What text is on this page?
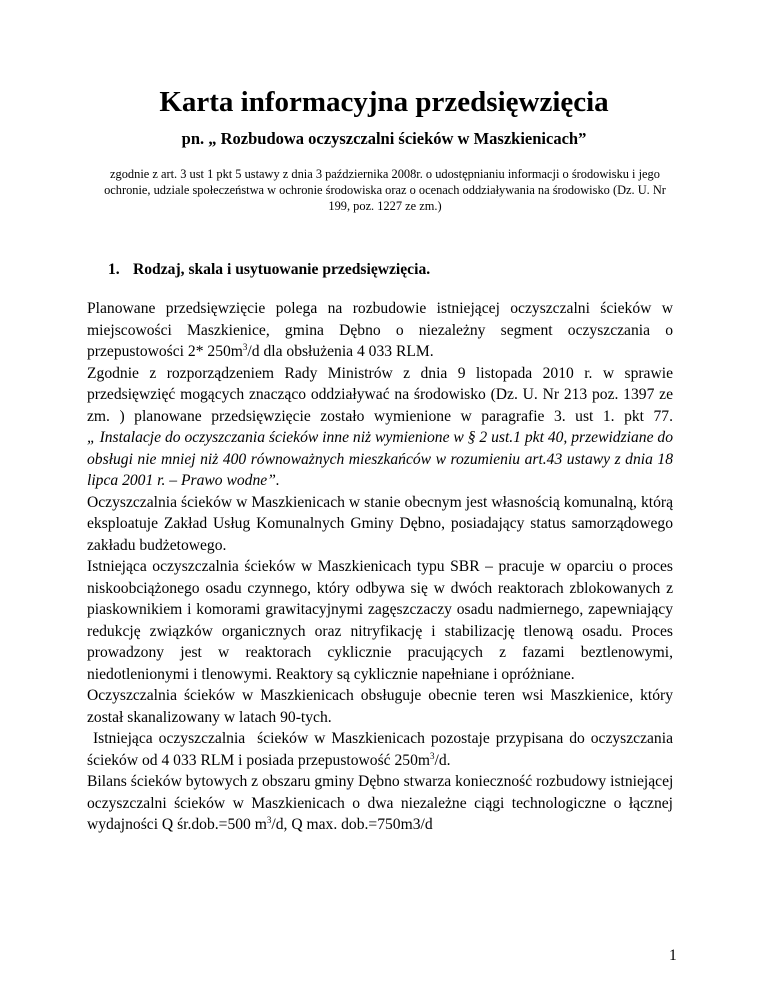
Karta informacyjna przedsięwzięcia
pn. „ Rozbudowa oczyszczalni ścieków w Maszkienicach”
zgodnie z art. 3 ust 1 pkt 5 ustawy z dnia 3 października 2008r. o udostępnianiu informacji o środowisku i jego
ochronie, udziale społeczeństwa w ochronie środowiska oraz o ocenach oddziaływania na środowisko (Dz. U. Nr
199, poz. 1227 ze zm.)
1. Rodzaj, skala i usytuowanie przedsięwzięcia.
Planowane przedsięwzięcie polega na rozbudowie istniejącej oczyszczalni ścieków w
miejscowości Maszkienice, gmina Dębno o niezależny segment oczyszczania o
przepustowości 2* $250m^3/d$ dla obsłużenia 4 033 RLM.
Zgodnie z rozporządzeniem Rady Ministrów z dnia 9 listopada 2010 r. w sprawie
przedsięwzięć mogących znacząco oddziaływać na środowisko (Dz. U. Nr 213 poz. 1397 ze
zm. ) planowane przedsięwzięcie zostało wymienione w paragrafie 3. ust 1. pkt 77.
„ Instalacje do oczyszczania ścieków inne niż wymienione w § 2 ust.1 pkt 40, przewidziane do
obsługi nie mniej niż 400 równoważnych mieszkańców w rozumieniu art.43 ustawy z dnia 18
lipca 2001 r. – Prawo wodne”.
Oczyszczalnia ścieków w Maszkienicach w stanie obecnym jest własnością komunalną, którą
eksploatuje Zakład Usług Komunalnych Gminy Dębno, posiadający status samorządowego
zakładu budżetowego.
Istniejąca oczyszczalnia ścieków w Maszkienicach typu SBR – pracuje w oparciu o proces
niskoobciążonego osadu czynnego, który odbywa się w dwóch reaktorach zblokowanych z
piaskownikiem i komorami grawitacyjnymi zagęszczaczy osadu nadmiernego, zapewniający
redukcję związków organicznych oraz nitryfikację i stabilizację tlenową osadu. Proces
prowadzony jest w reaktorach cyklicznie pracujących z fazami beztlenowymi,
niedotlenionymi i tlenowymi. Reaktory są cyklicznie napełniane i opróżniane.
Oczyszczalnia ścieków w Maszkienicach obsługuje obecnie teren wsi Maszkienice, który
został skanalizowany w latach 90-tych.
Istniejąca oczyszczalnia  ścieków w Maszkienicach pozostaje przypisana do oczyszczania
ścieków od 4 033 RLM i posiada przepustowość $250m^3/d$.
Bilans ścieków bytowych z obszaru gminy Dębno stwarza konieczność rozbudowy istniejącej
oczyszczalni ścieków w Maszkienicach o dwa niezależne ciągi technologiczne o łącznej
wydajności Q śr.dob.=500 $m^3/d$, Q max. dob.=750m3/d
1
